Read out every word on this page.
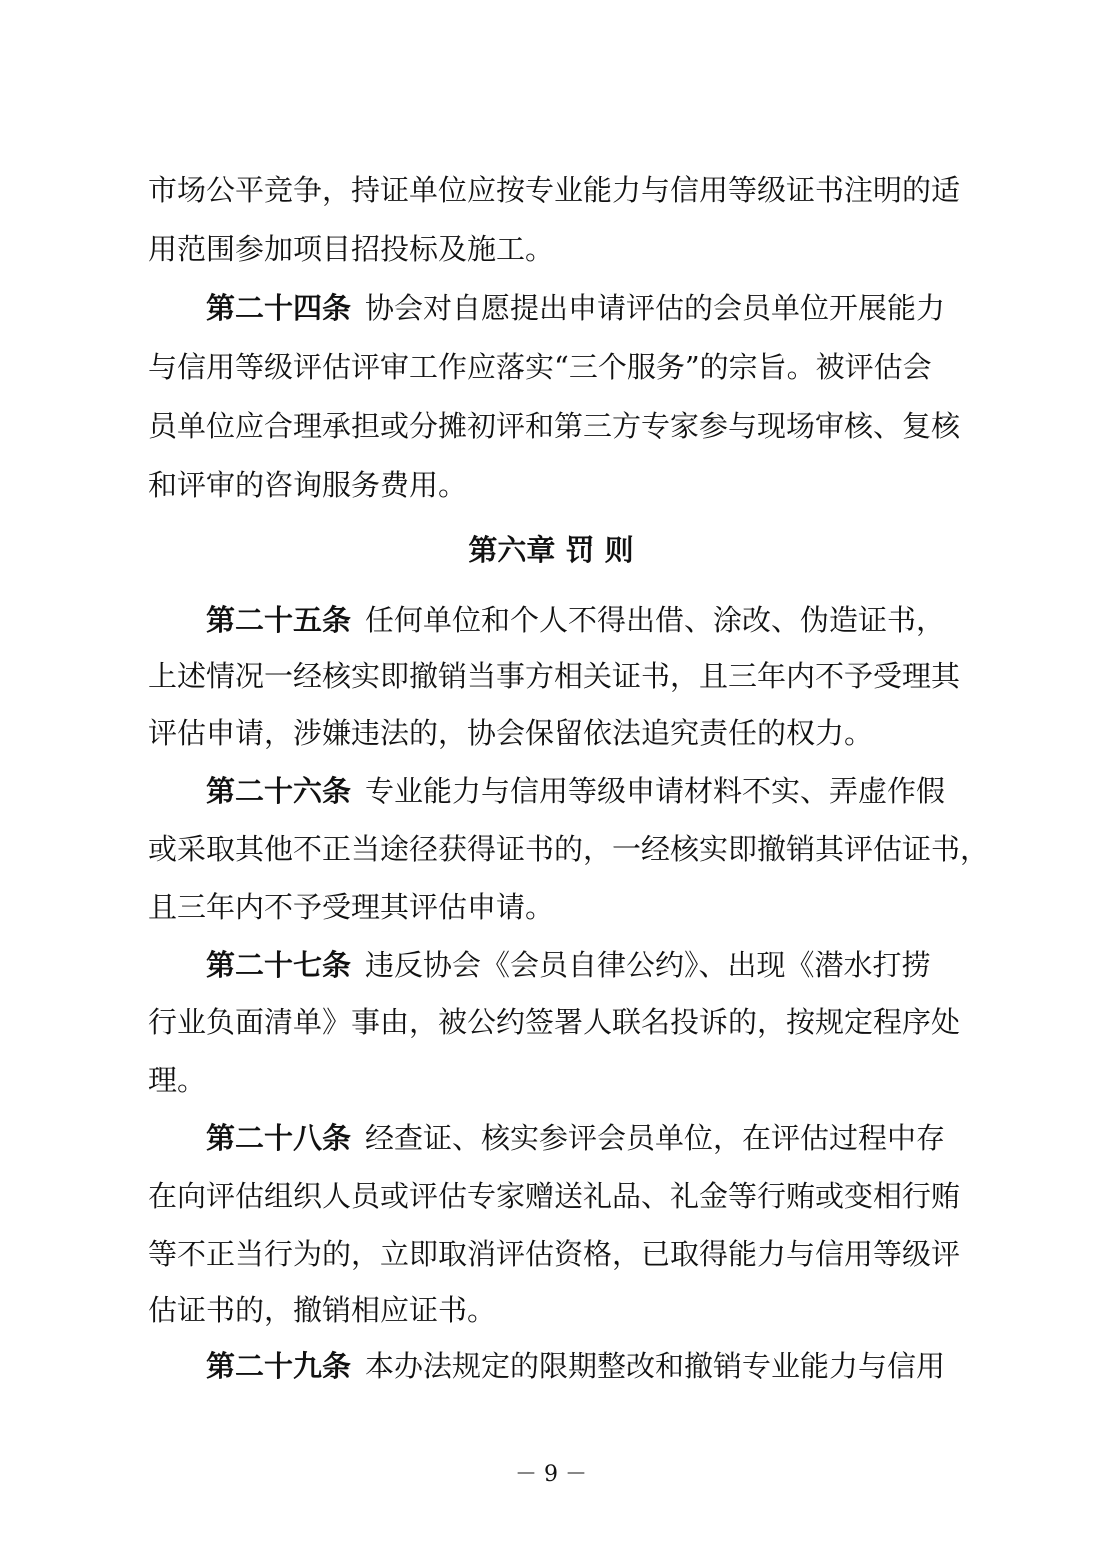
市场公平竞争，持证单位应按专业能力与信用等级证书注明的适
用范围参加项目招投标及施工。
第二十四条 协会对自愿提出申请评估的会员单位开展能力
与信用等级评估评审工作应落实“三个服务”的宗旨。被评估会
员单位应合理承担或分摊初评和第三方专家参与现场审核、复核
和评审的咨询服务费用。
第六章 罚 则
第二十五条 任何单位和个人不得出借、涂改、伪造证书，
上述情况一经核实即撤销当事方相关证书，且三年内不予受理其
评估申请，涉嫌违法的，协会保留依法追究责任的权力。
第二十六条 专业能力与信用等级申请材料不实、弄虚作假
或采取其他不正当途径获得证书的，一经核实即撤销其评估证书，
且三年内不予受理其评估申请。
第二十七条 违反协会《会员自律公约》、出现《潜水打捞
行业负面清单》事由，被公约签署人联名投诉的，按规定程序处
理。
第二十八条 经查证、核实参评会员单位，在评估过程中存
在向评估组织人员或评估专家赠送礼品、礼金等行贿或变相行贿
等不正当行为的，立即取消评估资格，已取得能力与信用等级评
估证书的，撤销相应证书。
第二十九条 本办法规定的限期整改和撤销专业能力与信用
－ 9 －
